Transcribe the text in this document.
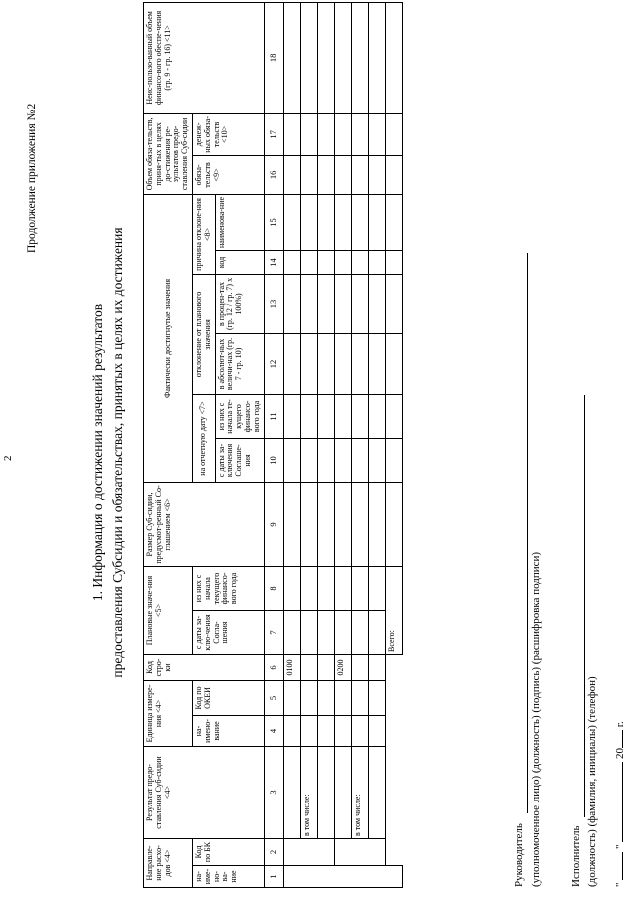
2
Продолжение приложения №2
1. Информация о достижении значений результатов предоставления Субсидии и обязательствах, принятых в целях их достижения
Направле-ние расхо-дов <4>		Результат предо-ставления Суб-сидии <4>	Единица измере-ния <4>		Код стро-ки	Плановые значе-ния <5>		Размер Суб-сидии, предусмот-ренный Со-глашением <6>	Фактически достигнутые значения						Объем обяза-тельств, приня-тых в целях до-стижения ре-зультатов предо-ставления Суб-сидии		Неис-пользо-ванный объем финансо-вого обеспе-чения (гр. 9 - гр. 16) <11>
на-име-но-ва-ние	Код по БК		на-имено-вание	Код по ОКЕИ		с даты за-клю-чения Согла-шения	из них с начала текущего финансо-вого года		на отчетную дату <7>		отклонение от планового значения		причина отклоне-ния <8>		обяза-тельств <9>	денеж-ных обяза-тельств <10>	
									с даты за-ключения Соглаше-ния	из них с начала те-кущего финансо-вого года	в абсолют-ных величи-нах (гр. 7 - гр. 10)	в процен-тах (гр. 12 / гр. 7) х 100%)	код	наименова-ние			
1	2	3	4	5	6	7	8	9	10	11	12	13	14	15	16	17	18
					0100												
		в том числе:															

					0200												
		в том числе:															

						Всего:											
Руководитель (уполномоченное лицо) (должность) (подпись) (расшифровка подписи)	Исполнитель (должность) (фамилия, инициалы) (телефон) "  "  20 г.
